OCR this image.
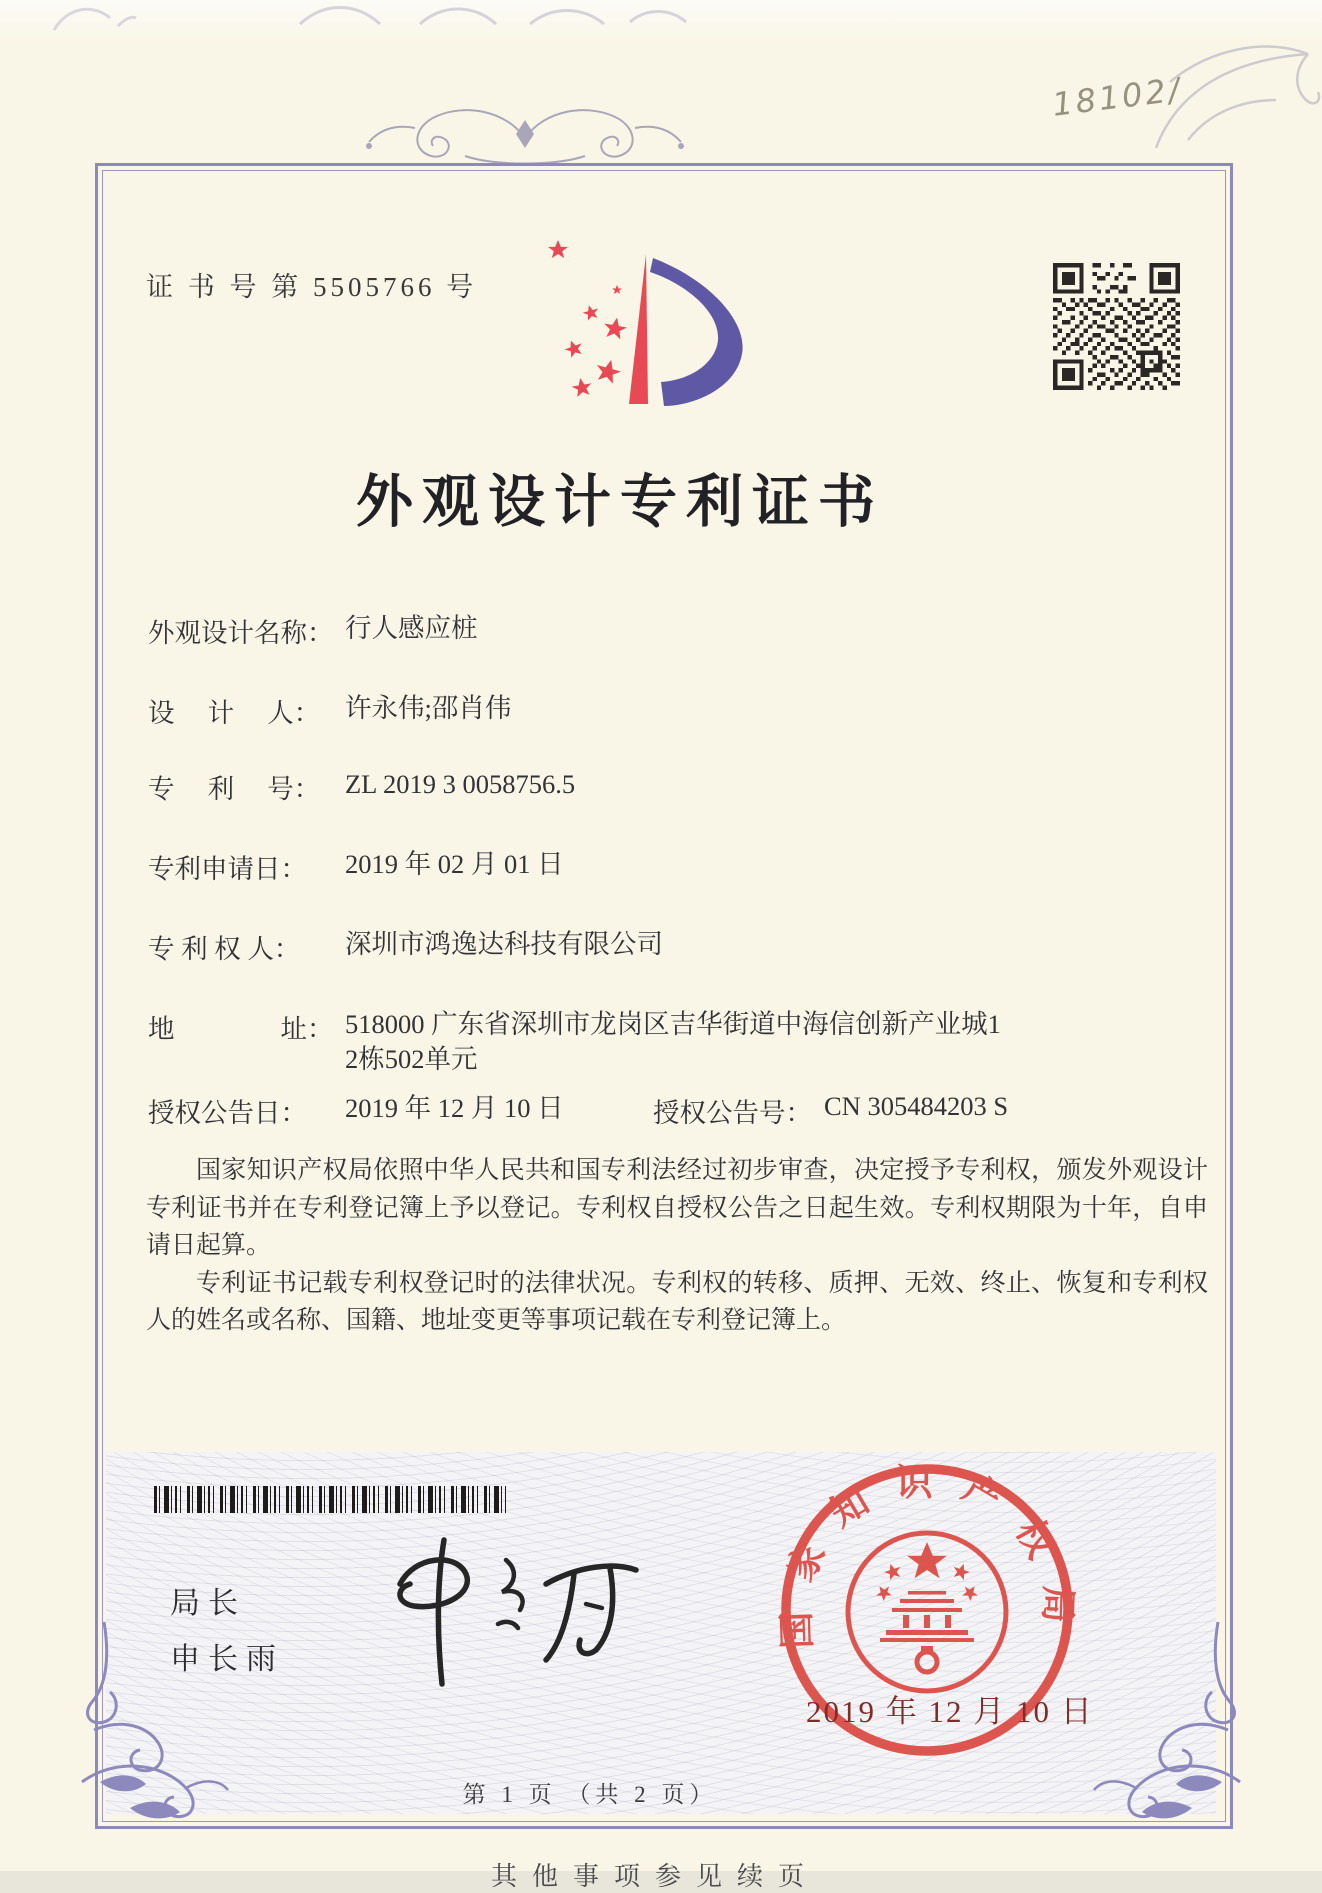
18102/
证 书 号 第 5505766 号
外观设计专利证书
外观设计名称： 行人感应桩
设　 计　 人： 许永伟;邵肖伟
专　 利　 号： ZL 2019 3 0058756.5
专利申请日： 2019 年 02 月 01 日
专 利 权 人： 深圳市鸿逸达科技有限公司
地　　　　址： 518000 广东省深圳市龙岗区吉华街道中海信创新产业城1
2栋502单元
授权公告日： 2019 年 12 月 10 日	授权公告号： CN 305484203 S

国家知识产权局依照中华人民共和国专利法经过初步审查，决定授予专利权，颁发外观设计专利证书并在专利登记簿上予以登记。专利权自授权公告之日起生效。专利权期限为十年，自申请日起算。

专利证书记载专利权登记时的法律状况。专利权的转移、质押、无效、终止、恢复和专利权人的姓名或名称、国籍、地址变更等事项记载在专利登记簿上。

局长
申长雨
国家知识产权局
2019 年 12 月 10 日
第 1 页 （共 2 页）
其他事项参见续页
